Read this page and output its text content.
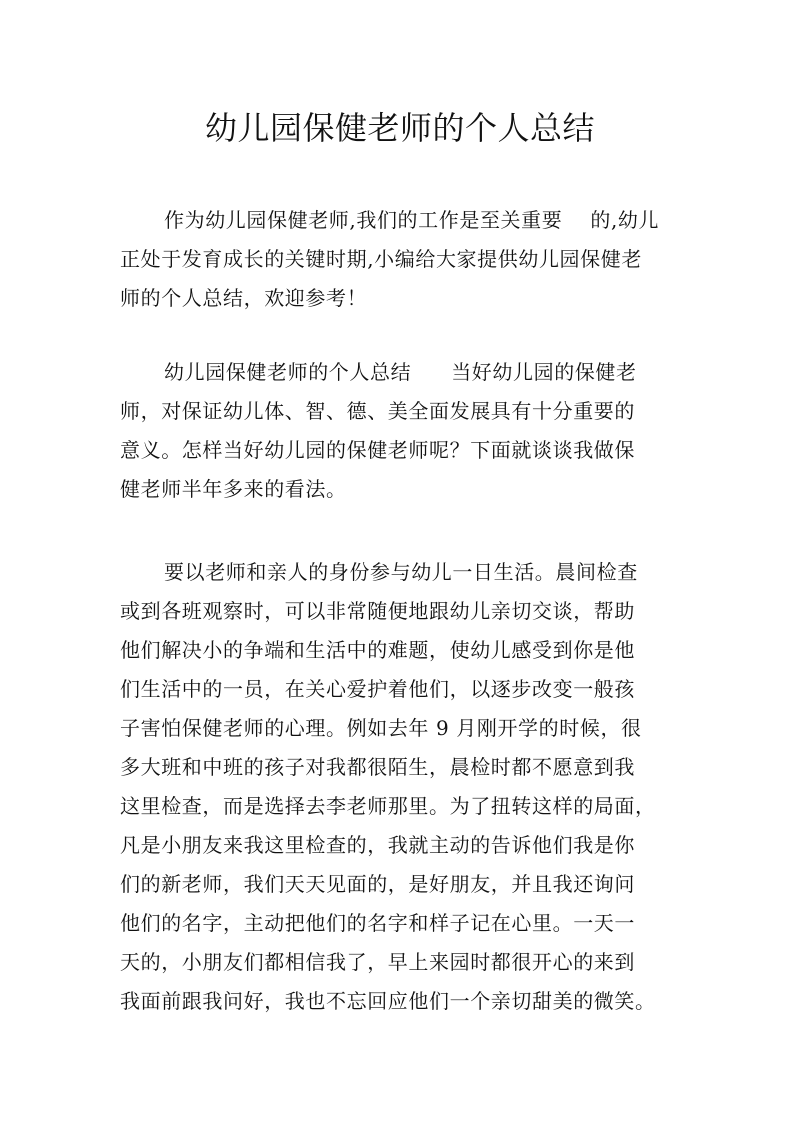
幼儿园保健老师的个人总结
作为幼儿园保健老师,我们的工作是至关重要 的,幼儿
正处于发育成长的关键时期,小编给大家提供幼儿园保健老
师的个人总结，欢迎参考！
幼儿园保健老师的个人总结 当好幼儿园的保健老
师，对保证幼儿体、智、德、美全面发展具有十分重要的
意义。怎样当好幼儿园的保健老师呢？下面就谈谈我做保
健老师半年多来的看法。
要以老师和亲人的身份参与幼儿一日生活。晨间检查
或到各班观察时，可以非常随便地跟幼儿亲切交谈，帮助
他们解决小的争端和生活中的难题，使幼儿感受到你是他
们生活中的一员，在关心爱护着他们，以逐步改变一般孩
子害怕保健老师的心理。例如去年 9 月刚开学的时候，很
多大班和中班的孩子对我都很陌生，晨检时都不愿意到我
这里检查，而是选择去李老师那里。为了扭转这样的局面，
凡是小朋友来我这里检查的，我就主动的告诉他们我是你
们的新老师，我们天天见面的，是好朋友，并且我还询问
他们的名字，主动把他们的名字和样子记在心里。一天一
天的，小朋友们都相信我了，早上来园时都很开心的来到
我面前跟我问好，我也不忘回应他们一个亲切甜美的微笑。
